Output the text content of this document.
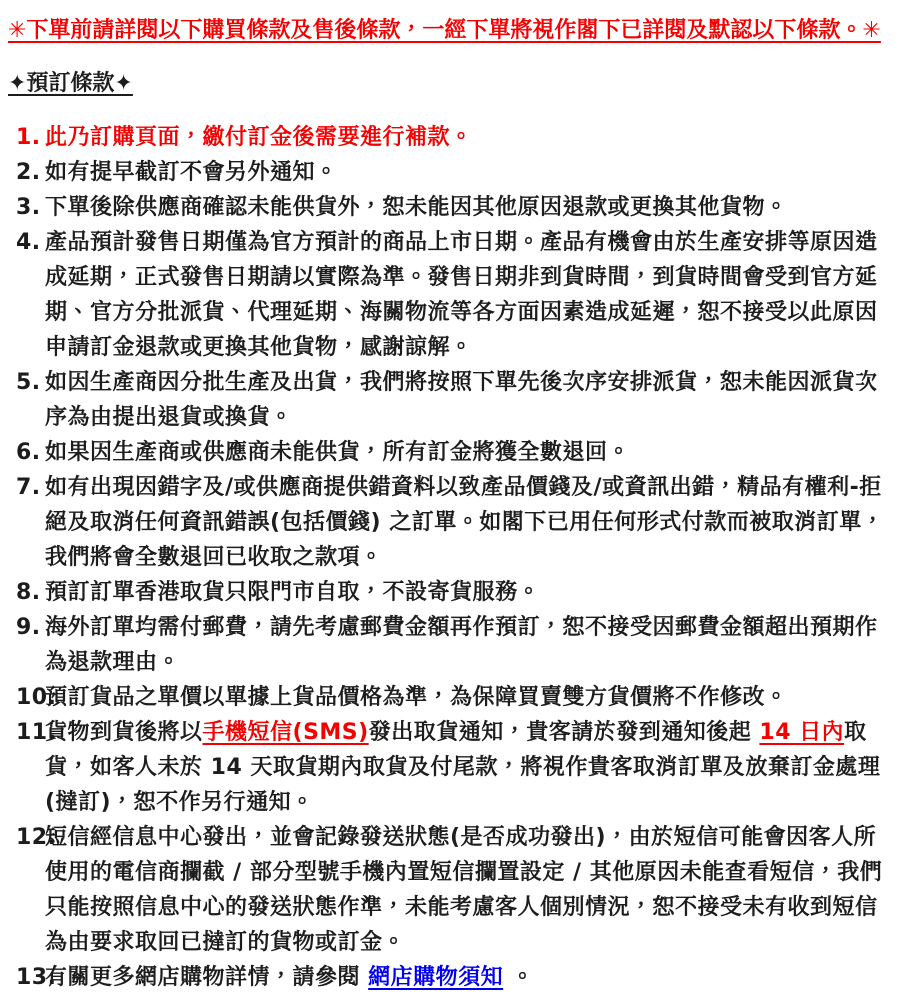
✳下單前請詳閱以下購買條款及售後條款，一經下單將視作閣下已詳閱及默認以下條款。✳

✦預訂條款✦
1. 此乃訂購頁面，繳付訂金後需要進行補款。
2. 如有提早截訂不會另外通知。
3. 下單後除供應商確認未能供貨外，恕未能因其他原因退款或更換其他貨物。
4. 產品預計發售日期僅為官方預計的商品上市日期。產品有機會由於生產安排等原因造成延期，正式發售日期請以實際為準。發售日期非到貨時間，到貨時間會受到官方延期、官方分批派貨、代理延期、海關物流等各方面因素造成延遲，恕不接受以此原因申請訂金退款或更換其他貨物，感謝諒解。
5. 如因生產商因分批生產及出貨，我們將按照下單先後次序安排派貨，恕未能因派貨次序為由提出退貨或換貨。
6. 如果因生產商或供應商未能供貨，所有訂金將獲全數退回。
7. 如有出現因錯字及/或供應商提供錯資料以致產品價錢及/或資訊出錯，精品有權利-拒絕及取消任何資訊錯誤(包括價錢) 之訂單。如閣下已用任何形式付款而被取消訂單，我們將會全數退回已收取之款項。
8. 預訂訂單香港取貨只限門市自取，不設寄貨服務。
9. 海外訂單均需付郵費，請先考慮郵費金額再作預訂，恕不接受因郵費金額超出預期作為退款理由。
10.
預訂貨品之單價以單據上貨品價格為準，為保障買賣雙方貨價將不作修改。
11.
貨物到貨後將以手機短信(SMS)發出取貨通知，貴客請於發到通知後起 14 日內取貨，如客人未於 14 天取貨期內取貨及付尾款，將視作貴客取消訂單及放棄訂金處理(撻訂)，恕不作另行通知。
12.
短信經信息中心發出，並會記錄發送狀態(是否成功發出)，由於短信可能會因客人所使用的電信商攔截 / 部分型號手機內置短信攔置設定 / 其他原因未能查看短信，我們只能按照信息中心的發送狀態作準，未能考慮客人個別情況，恕不接受未有收到短信為由要求取回已撻訂的貨物或訂金。
13.
有關更多網店購物詳情，請參閱 網店購物須知 。
